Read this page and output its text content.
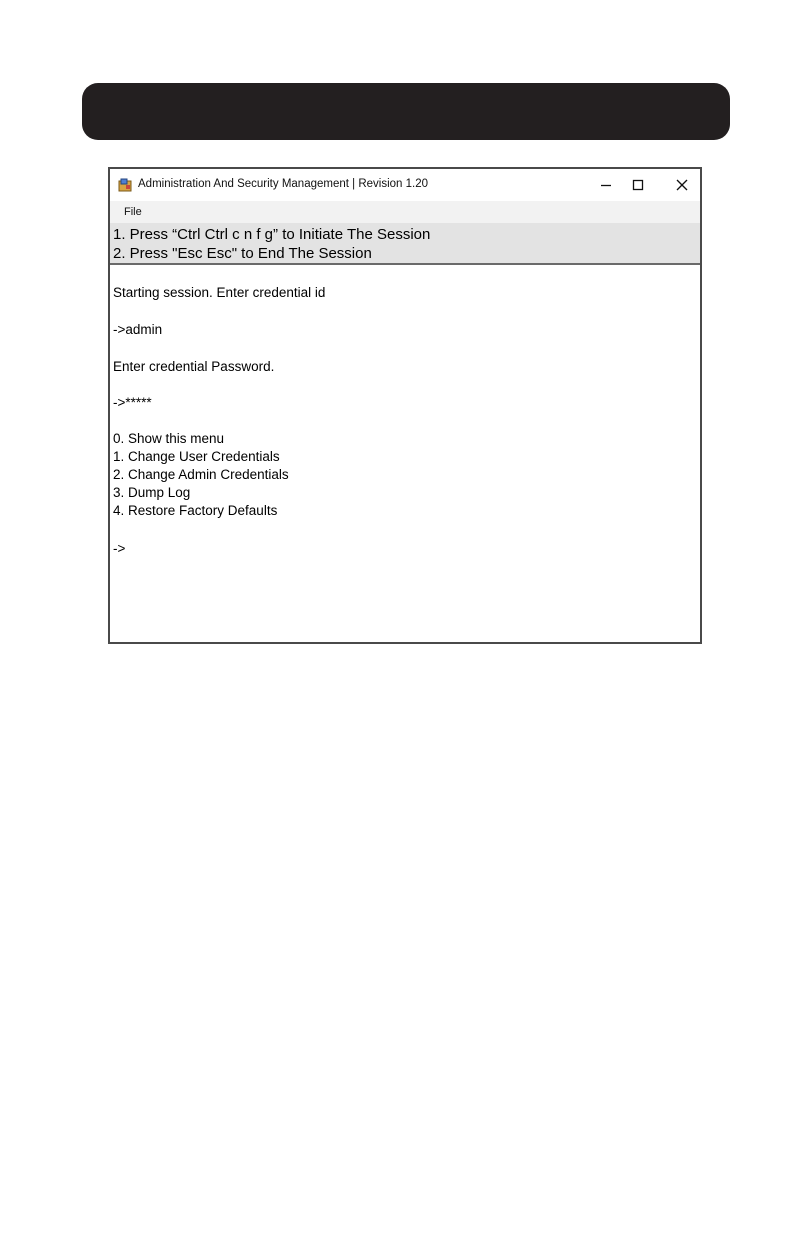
Administration And Security Management | Revision 1.20
File
1. Press “Ctrl Ctrl c n f g” to Initiate The Session
2. Press "Esc Esc" to End The Session
Starting session. Enter credential id
->admin
Enter credential Password.
->*****
0. Show this menu
1. Change User Credentials
2. Change Admin Credentials
3. Dump Log
4. Restore Factory Defaults
->
